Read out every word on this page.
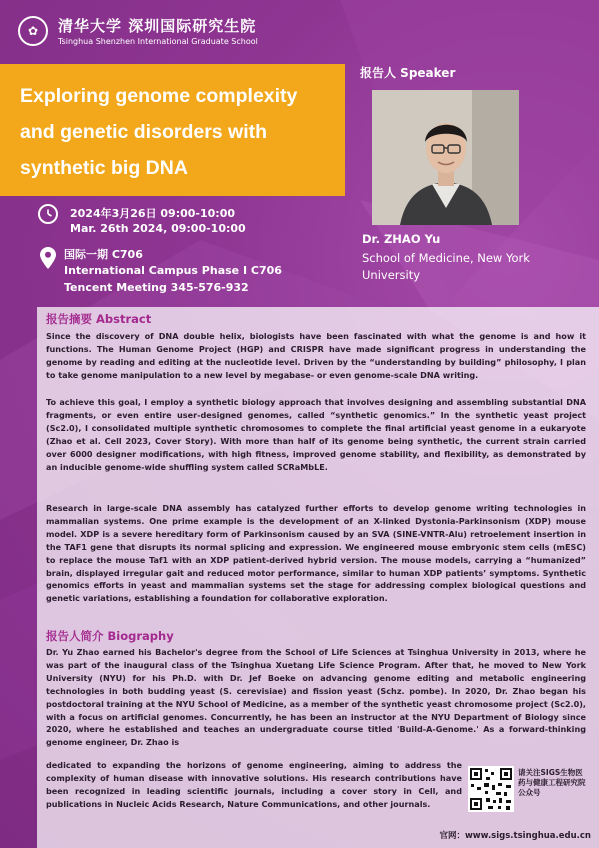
✿	清华大学 深圳国际研究生院
Tsinghua Shenzhen International Graduate School

Exploring genome complexity
and genetic disorders with
synthetic big DNA

报告人 Speaker
Dr. ZHAO Yu
School of Medicine, New York University
2024年3月26日 09:00-10:00
Mar. 26th 2024, 09:00-10:00
国际一期 C706
International Campus Phase I C706
Tencent Meeting 345-576-932
报告摘要 Abstract

Since the discovery of DNA double helix, biologists have been fascinated with what the genome is and how it functions. The Human Genome Project (HGP) and CRISPR have made significant progress in understanding the genome by reading and editing at the nucleotide level. Driven by the “understanding by building” philosophy, I plan to take genome manipulation to a new level by megabase- or even genome-scale DNA writing.

To achieve this goal, I employ a synthetic biology approach that involves designing and assembling substantial DNA fragments, or even entire user-designed genomes, called “synthetic genomics.” In the synthetic yeast project (Sc2.0), I consolidated multiple synthetic chromosomes to complete the final artificial yeast genome in a eukaryote (Zhao et al. Cell 2023, Cover Story). With more than half of its genome being synthetic, the current strain carried over 6000 designer modifications, with high fitness, improved genome stability, and flexibility, as demonstrated by an inducible genome-wide shuffling system called SCRaMbLE.

Research in large-scale DNA assembly has catalyzed further efforts to develop genome writing technologies in mammalian systems. One prime example is the development of an X-linked Dystonia-Parkinsonism (XDP) mouse model. XDP is a severe hereditary form of Parkinsonism caused by an SVA (SINE-VNTR-Alu) retroelement insertion in the TAF1 gene that disrupts its normal splicing and expression. We engineered mouse embryonic stem cells (mESC) to replace the mouse Taf1 with an XDP patient-derived hybrid version. The mouse models, carrying a “humanized” brain, displayed irregular gait and reduced motor performance, similar to human XDP patients’ symptoms. Synthetic genomics efforts in yeast and mammalian systems set the stage for addressing complex biological questions and genetic variations, establishing a foundation for collaborative exploration.

报告人简介 Biography

Dr. Yu Zhao earned his Bachelor's degree from the School of Life Sciences at Tsinghua University in 2013, where he was part of the inaugural class of the Tsinghua Xuetang Life Science Program. After that, he moved to New York University (NYU) for his Ph.D. with Dr. Jef Boeke on advancing genome editing and metabolic engineering technologies in both budding yeast (S. cerevisiae) and fission yeast (Schz. pombe). In 2020, Dr. Zhao began his postdoctoral training at the NYU School of Medicine, as a member of the synthetic yeast chromosome project (Sc2.0), with a focus on artificial genomes. Concurrently, he has been an instructor at the NYU Department of Biology since 2020, where he established and teaches an undergraduate course titled 'Build-A-Genome.' As a forward-thinking genome engineer, Dr. Zhao is

dedicated to expanding the horizons of genome engineering, aiming to address the complexity of human disease with innovative solutions. His research contributions have been recognized in leading scientific journals, including a cover story in Cell, and publications in Nucleic Acids Research, Nature Communications, and other journals.

请关注SIGS生物医药与健康工程研究院公众号
官网：www.sigs.tsinghua.edu.cn
